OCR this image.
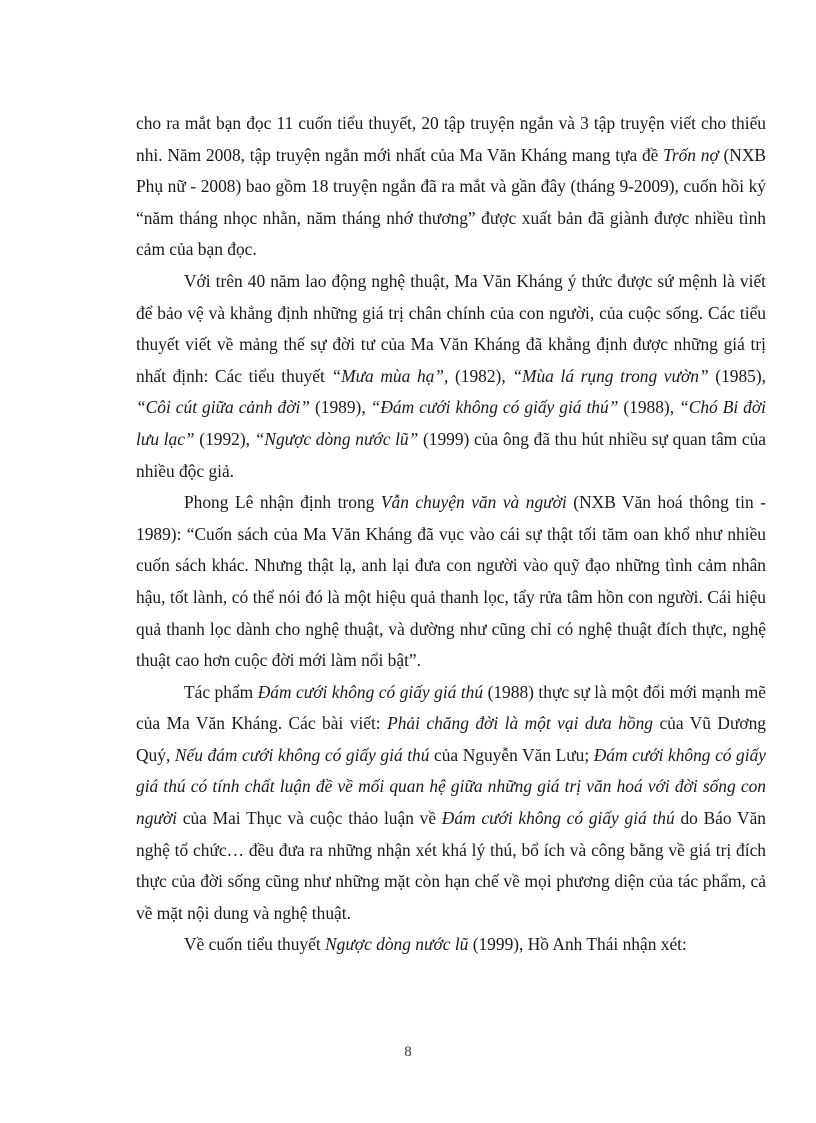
cho ra mắt bạn đọc 11 cuốn tiểu thuyết, 20 tập truyện ngắn và 3 tập truyện viết cho thiếu nhi. Năm 2008, tập truyện ngắn mới nhất của Ma Văn Kháng mang tựa đề Trốn nợ (NXB Phụ nữ - 2008) bao gồm 18 truyện ngắn đã ra mắt và gần đây (tháng 9-2009), cuốn hồi ký “năm tháng nhọc nhằn, năm tháng nhớ thương” được xuất bản đã giành được nhiều tình cảm của bạn đọc.

Với trên 40 năm lao động nghệ thuật, Ma Văn Kháng ý thức được sứ mệnh là viết để bảo vệ và khẳng định những giá trị chân chính của con người, của cuộc sống. Các tiểu thuyết viết về mảng thế sự đời tư của Ma Văn Kháng đã khẳng định được những giá trị nhất định: Các tiểu thuyết “Mưa mùa hạ”, (1982), “Mùa lá rụng trong vườn” (1985), “Côi cút giữa cảnh đời” (1989), “Đám cưới không có giấy giá thú” (1988), “Chó Bi đời lưu lạc” (1992), “Ngược dòng nước lũ” (1999) của ông đã thu hút nhiều sự quan tâm của nhiều độc giả.

Phong Lê nhận định trong Vẫn chuyện văn và người (NXB Văn hoá thông tin - 1989): “Cuốn sách của Ma Văn Kháng đã vục vào cái sự thật tối tăm oan khổ như nhiều cuốn sách khác. Nhưng thật lạ, anh lại đưa con người vào quỹ đạo những tình cảm nhân hậu, tốt lành, có thể nói đó là một hiệu quả thanh lọc, tẩy rửa tâm hồn con người. Cái hiệu quả thanh lọc dành cho nghệ thuật, và dường như cũng chỉ có nghệ thuật đích thực, nghệ thuật cao hơn cuộc đời mới làm nổi bật”.

Tác phẩm Đám cưới không có giấy giá thú (1988) thực sự là một đổi mới mạnh mẽ của Ma Văn Kháng. Các bài viết: Phải chăng đời là một vại dưa hồng của Vũ Dương Quý, Nếu đám cưới không có giấy giá thú của Nguyễn Văn Lưu; Đám cưới không có giấy giá thú có tính chất luận đề về mối quan hệ giữa những giá trị văn hoá với đời sống con người của Mai Thục và cuộc thảo luận về Đám cưới không có giấy giá thú do Báo Văn nghệ tổ chức… đều đưa ra những nhận xét khá lý thú, bổ ích và công bằng về giá trị đích thực của đời sống cũng như những mặt còn hạn chế về mọi phương diện của tác phẩm, cả về mặt nội dung và nghệ thuật.

Về cuốn tiểu thuyết Ngược dòng nước lũ (1999), Hồ Anh Thái nhận xét:

8
